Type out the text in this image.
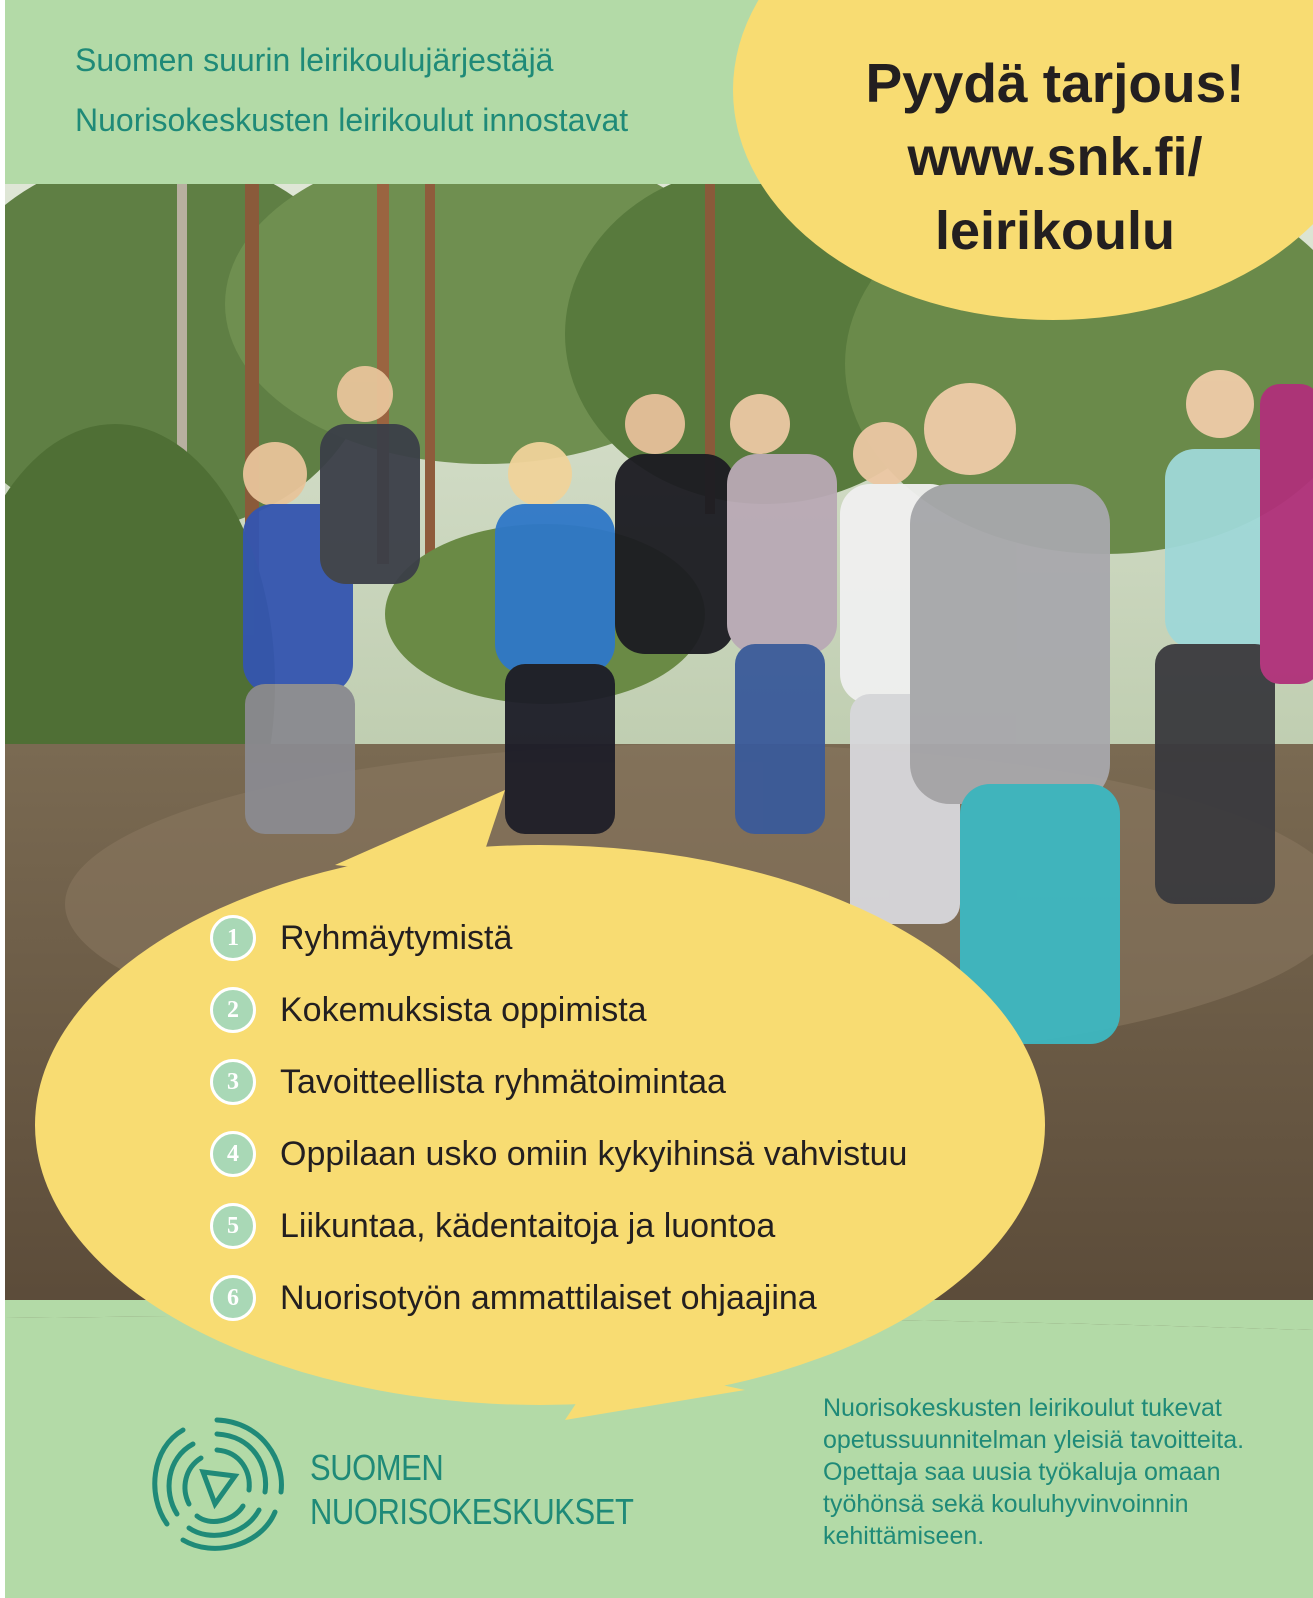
Suomen suurin leirikoulujärjestäjä
Nuorisokeskusten leirikoulut innostavat
Pyydä tarjous!
www.snk.fi/
leirikoulu
1	Ryhmäytymistä
2	Kokemuksista oppimista
3	Tavoitteellista ryhmätoimintaa
4	Oppilaan usko omiin kykyihinsä vahvistuu
5	Liikuntaa, kädentaitoja ja luontoa
6	Nuorisotyön ammattilaiset ohjaajina
SUOMEN
NUORISOKESKUKSET
Nuorisokeskusten leirikoulut tukevat
opetussuunnitelman yleisiä tavoitteita.
Opettaja saa uusia työkaluja omaan
työhönsä sekä kouluhyvinvoinnin
kehittämiseen.
